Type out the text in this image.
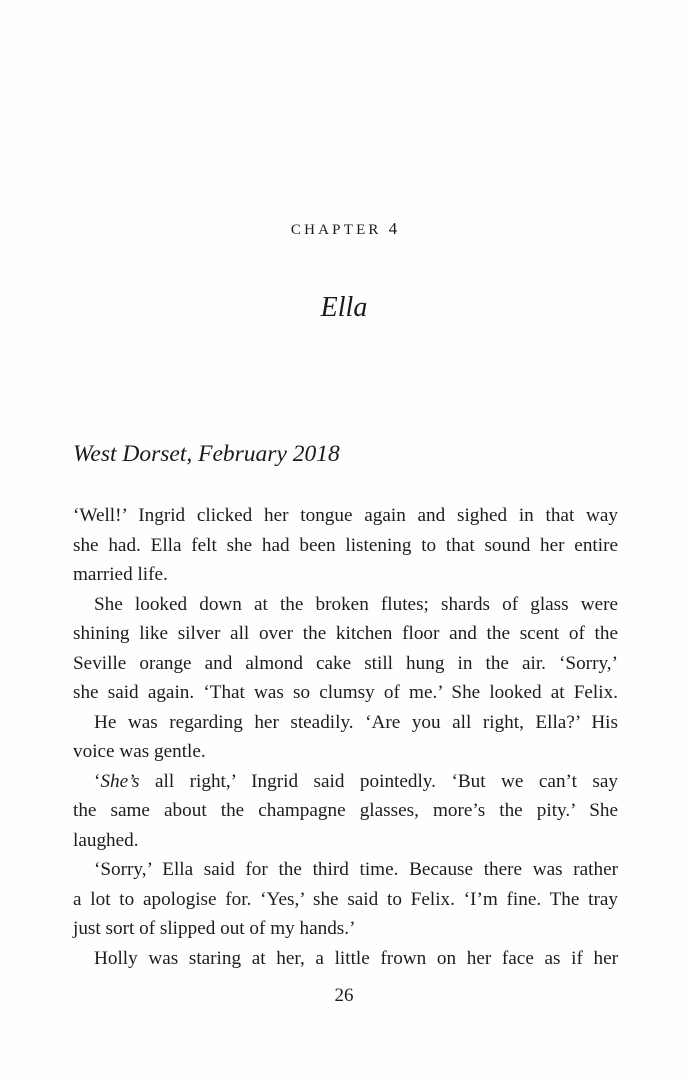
CHAPTER 4
Ella
West Dorset, February 2018
‘Well!’ Ingrid clicked her tongue again and sighed in that way
she had. Ella felt she had been listening to that sound her entire
married life.
She looked down at the broken flutes; shards of glass were
shining like silver all over the kitchen floor and the scent of the
Seville orange and almond cake still hung in the air. ‘Sorry,’
she said again. ‘That was so clumsy of me.’ She looked at Felix.
He was regarding her steadily. ‘Are you all right, Ella?’ His
voice was gentle.
‘She’s all right,’ Ingrid said pointedly. ‘But we can’t say
the same about the champagne glasses, more’s the pity.’ She
laughed.
‘Sorry,’ Ella said for the third time. Because there was rather
a lot to apologise for. ‘Yes,’ she said to Felix. ‘I’m fine. The tray
just sort of slipped out of my hands.’
Holly was staring at her, a little frown on her face as if her
26
